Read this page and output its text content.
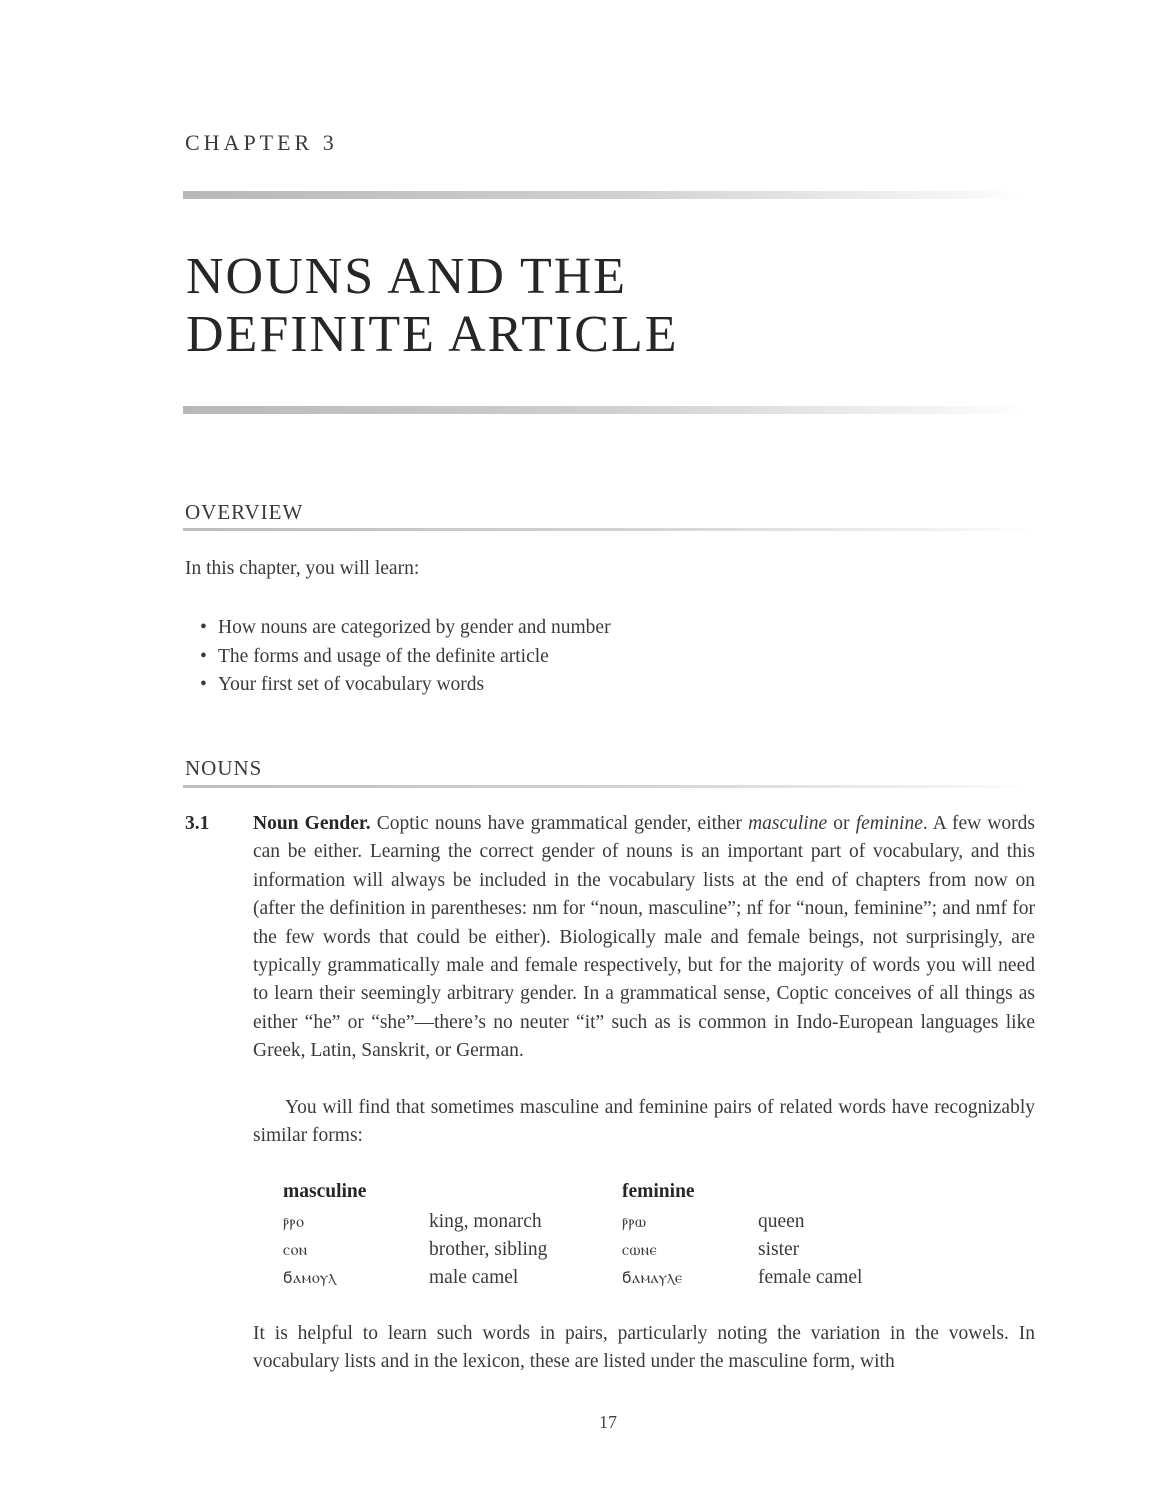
CHAPTER 3
NOUNS AND THE
DEFINITE ARTICLE
OVERVIEW

In this chapter, you will learn:

• How nouns are categorized by gender and number
• The forms and usage of the definite article
• Your first set of vocabulary words
NOUNS
3.1 Noun Gender. Coptic nouns have grammatical gender, either masculine or feminine. A few words can be either. Learning the correct gender of nouns is an important part of vocabulary, and this information will always be included in the vocabulary lists at the end of chapters from now on (after the definition in parentheses: nm for “noun, masculine”; nf for “noun, feminine”; and nmf for the few words that could be either). Biologically male and female beings, not surprisingly, are typically grammatically male and female respectively, but for the majority of words you will need to learn their seemingly arbitrary gender. In a grammatical sense, Coptic conceives of all things as either “he” or “she”—there’s no neuter “it” such as is common in Indo-European languages like Greek, Latin, Sanskrit, or German.

You will find that sometimes masculine and feminine pairs of related words have recognizably similar forms:

masculine		feminine	
ⲣ̄ⲣⲟ	king, monarch	ⲣ̄ⲣⲱ	queen
ⲥⲟⲛ	brother, sibling	ⲥⲱⲛⲉ	sister
ϭⲁⲙⲟⲩⲗ	male camel	ϭⲁⲙⲁⲩⲗⲉ	female camel

It is helpful to learn such words in pairs, particularly noting the variation in the vowels. In vocabulary lists and in the lexicon, these are listed under the masculine form, with

17
